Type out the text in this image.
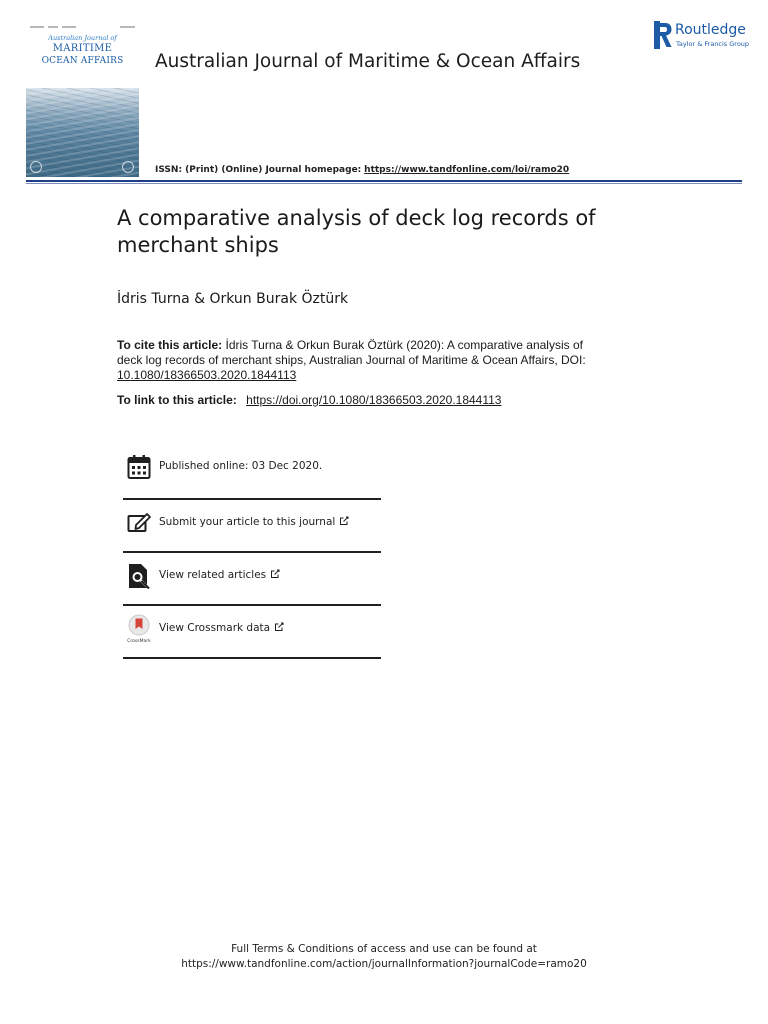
Australian Journal of
MARITIME
OCEAN AFFAIRS	Australian Journal of Maritime & Ocean Affairs
Routledge
Taylor & Francis Group
ISSN: (Print) (Online) Journal homepage: https://www.tandfonline.com/loi/ramo20
A comparative analysis of deck log records of merchant ships
İdris Turna & Orkun Burak Öztürk
To cite this article: İdris Turna & Orkun Burak Öztürk (2020): A comparative analysis of deck log records of merchant ships, Australian Journal of Maritime & Ocean Affairs, DOI:
10.1080/18366503.2020.1844113
To link to this article: https://doi.org/10.1080/18366503.2020.1844113
Published online: 03 Dec 2020.
Submit your article to this journal
View related articles
CrossMark
View Crossmark data
Full Terms & Conditions of access and use can be found at
https://www.tandfonline.com/action/journalInformation?journalCode=ramo20
